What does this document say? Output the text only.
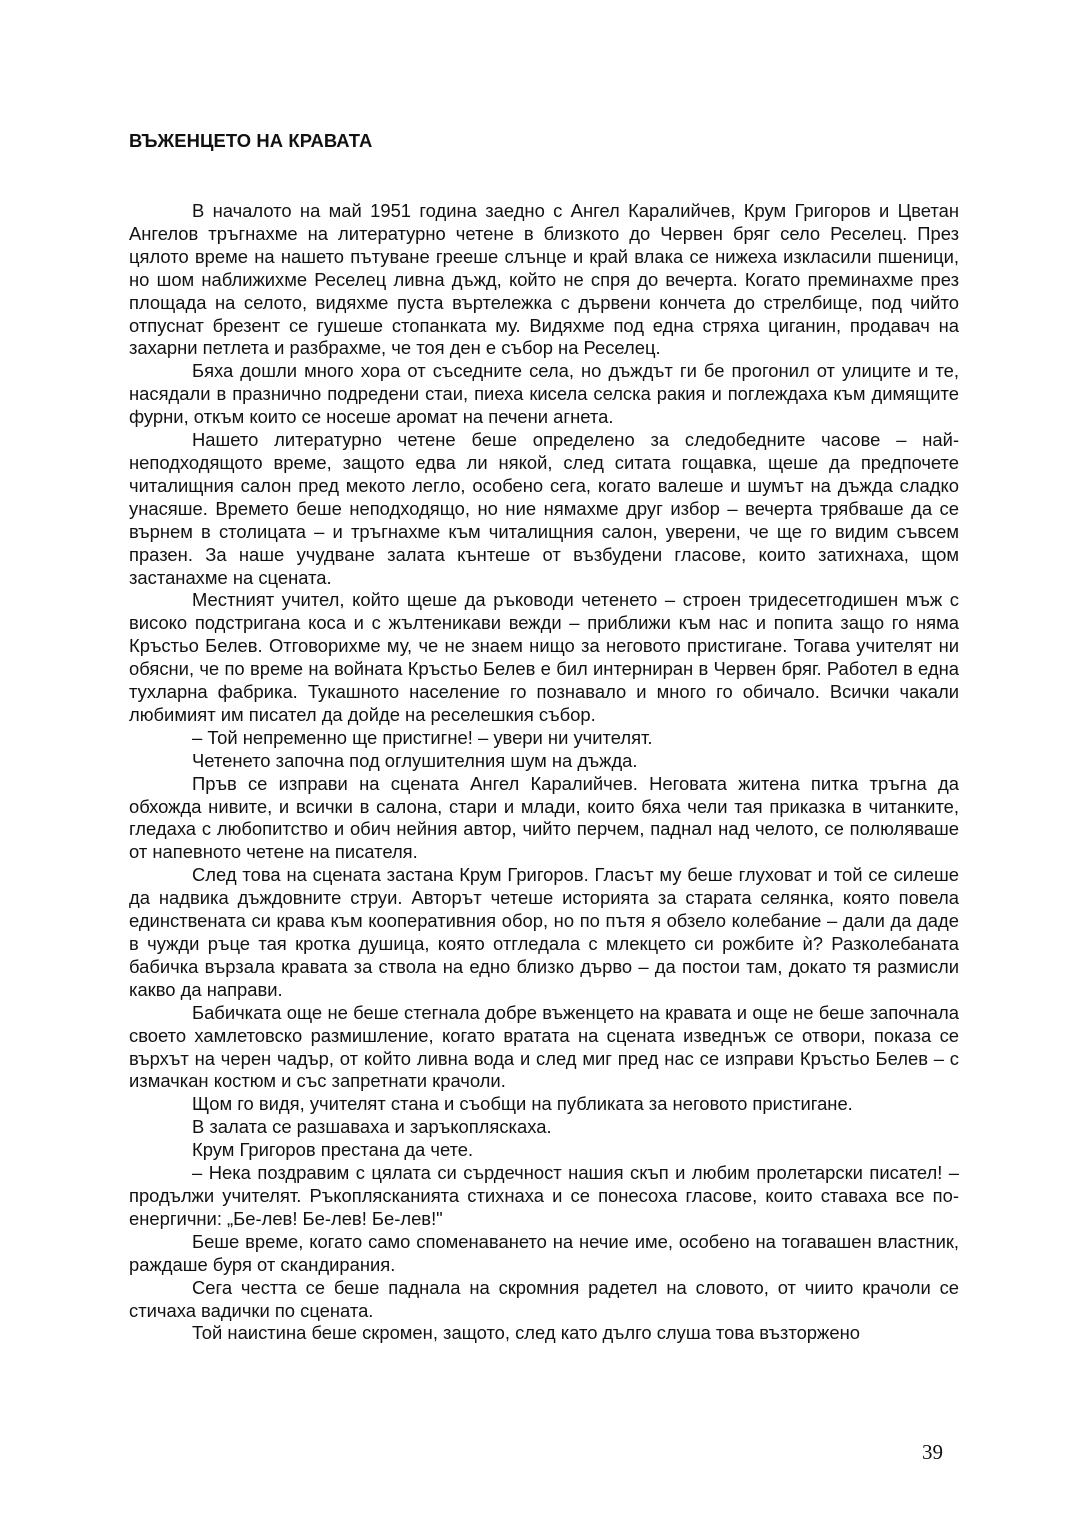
ВЪЖЕНЦЕТО НА КРАВАТА

В началото на май 1951 година заедно с Ангел Каралийчев, Крум Григоров и Цветан Ангелов тръгнахме на литературно четене в близкото до Червен бряг село Реселец. През цялото време на нашето пътуване грееше слънце и край влака се нижеха изкласили пшеници, но шом наближихме Реселец ливна дъжд, който не спря до вечерта. Когато преминахме през площада на селото, видяхме пуста въртележка с дървени кончета до стрелбище, под чийто отпуснат брезент се гушеше стопанката му. Видяхме под една стряха циганин, продавач на захарни петлета и разбрахме, че тоя ден е събор на Реселец.

Бяха дошли много хора от съседните села, но дъждът ги бе прогонил от улиците и те, насядали в празнично подредени стаи, пиеха кисела селска ракия и поглеждаха към димящите фурни, откъм които се носеше аромат на печени агнета.

Нашето литературно четене беше определено за следобедните часове – най-неподходящото време, защото едва ли някой, след ситата гощавка, щеше да предпочете читалищния салон пред мекото легло, особено сега, когато валеше и шумът на дъжда сладко унасяше. Времето беше неподходящо, но ние нямахме друг избор – вечерта трябваше да се върнем в столицата – и тръгнахме към читалищния салон, уверени, че ще го видим съвсем празен. За наше учудване залата кънтеше от възбудени гласове, които затихнаха, щом застанахме на сцената.

Местният учител, който щеше да ръководи четенето – строен тридесетгодишен мъж с високо подстригана коса и с жълтеникави вежди – приближи към нас и попита защо го няма Кръстьо Белев. Отговорихме му, че не знаем нищо за неговото пристигане. Тогава учителят ни обясни, че по време на войната Кръстьо Белев е бил интерниран в Червен бряг. Работел в една тухларна фабрика. Тукашното население го познавало и много го обичало. Всички чакали любимият им писател да дойде на реселешкия събор.

– Той непременно ще пристигне! – увери ни учителят.

Четенето започна под оглушителния шум на дъжда.

Пръв се изправи на сцената Ангел Каралийчев. Неговата житена питка тръгна да обхожда нивите, и всички в салона, стари и млади, които бяха чели тая приказка в читанките, гледаха с любопитство и обич нейния автор, чийто перчем, паднал над челото, се полюляваше от напевното четене на писателя.

След това на сцената застана Крум Григоров. Гласът му беше глуховат и той се силеше да надвика дъждовните струи. Авторът четеше историята за старата селянка, която повела единствената си крава към кооперативния обор, но по пътя я обзело колебание – дали да даде в чужди ръце тая кротка душица, която отгледала с млекцето си рожбите ѝ? Разколебаната бабичка вързала кравата за ствола на едно близко дърво – да постои там, докато тя размисли какво да направи.

Бабичката още не беше стегнала добре въженцето на кравата и още не беше започнала своето хамлетовско размишление, когато вратата на сцената изведнъж се отвори, показа се върхът на черен чадър, от който ливна вода и след миг пред нас се изправи Кръстьо Белев – с измачкан костюм и със запретнати крачоли.

Щом го видя, учителят стана и съобщи на публиката за неговото пристигане.

В залата се разшаваха и заръкопляскаха.

Крум Григоров престана да чете.

– Нека поздравим с цялата си сърдечност нашия скъп и любим пролетарски писател! – продължи учителят. Ръкоплясканията стихнаха и се понесоха гласове, които ставаха все по-енергични: „Бе-лев! Бе-лев! Бе-лев!"

Беше време, когато само споменаването на нечие име, особено на тогавашен властник, раждаше буря от скандирания.

Сега честта се беше паднала на скромния радетел на словото, от чиито крачоли се стичаха вадички по сцената.

Той наистина беше скромен, защото, след като дълго слуша това възторжено

39
